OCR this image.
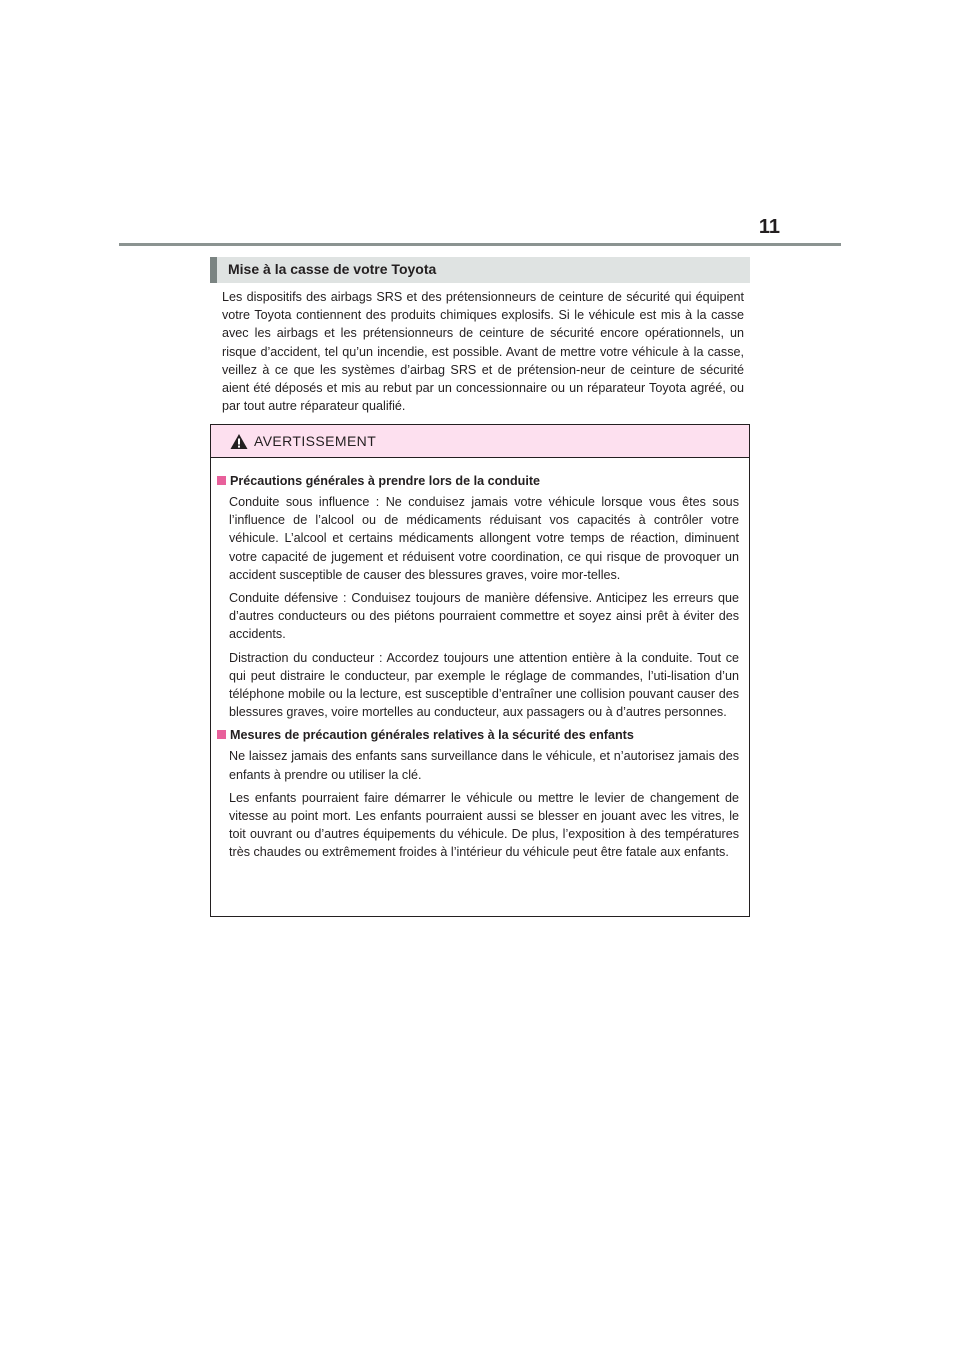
11
Mise à la casse de votre Toyota

Les dispositifs des airbags SRS et des prétensionneurs de ceinture de sécurité qui équipent votre Toyota contiennent des produits chimiques explosifs. Si le véhicule est mis à la casse avec les airbags et les prétensionneurs de ceinture de sécurité encore opérationnels, un risque d’accident, tel qu’un incendie, est possible. Avant de mettre votre véhicule à la casse, veillez à ce que les systèmes d’airbag SRS et de prétension-neur de ceinture de sécurité aient été déposés et mis au rebut par un concessionnaire ou un réparateur Toyota agréé, ou par tout autre réparateur qualifié.

AVERTISSEMENT
Précautions générales à prendre lors de la conduite

Conduite sous influence : Ne conduisez jamais votre véhicule lorsque vous êtes sous l’influence de l’alcool ou de médicaments réduisant vos capacités à contrôler votre véhicule. L’alcool et certains médicaments allongent votre temps de réaction, diminuent votre capacité de jugement et réduisent votre coordination, ce qui risque de provoquer un accident susceptible de causer des blessures graves, voire mor-telles.

Conduite défensive : Conduisez toujours de manière défensive. Anticipez les erreurs que d’autres conducteurs ou des piétons pourraient commettre et soyez ainsi prêt à éviter des accidents.

Distraction du conducteur : Accordez toujours une attention entière à la conduite. Tout ce qui peut distraire le conducteur, par exemple le réglage de commandes, l’uti-lisation d’un téléphone mobile ou la lecture, est susceptible d’entraîner une collision pouvant causer des blessures graves, voire mortelles au conducteur, aux passagers ou à d’autres personnes.

Mesures de précaution générales relatives à la sécurité des enfants

Ne laissez jamais des enfants sans surveillance dans le véhicule, et n’autorisez jamais des enfants à prendre ou utiliser la clé.

Les enfants pourraient faire démarrer le véhicule ou mettre le levier de changement de vitesse au point mort. Les enfants pourraient aussi se blesser en jouant avec les vitres, le toit ouvrant ou d’autres équipements du véhicule. De plus, l’exposition à des températures très chaudes ou extrêmement froides à l’intérieur du véhicule peut être fatale aux enfants.
